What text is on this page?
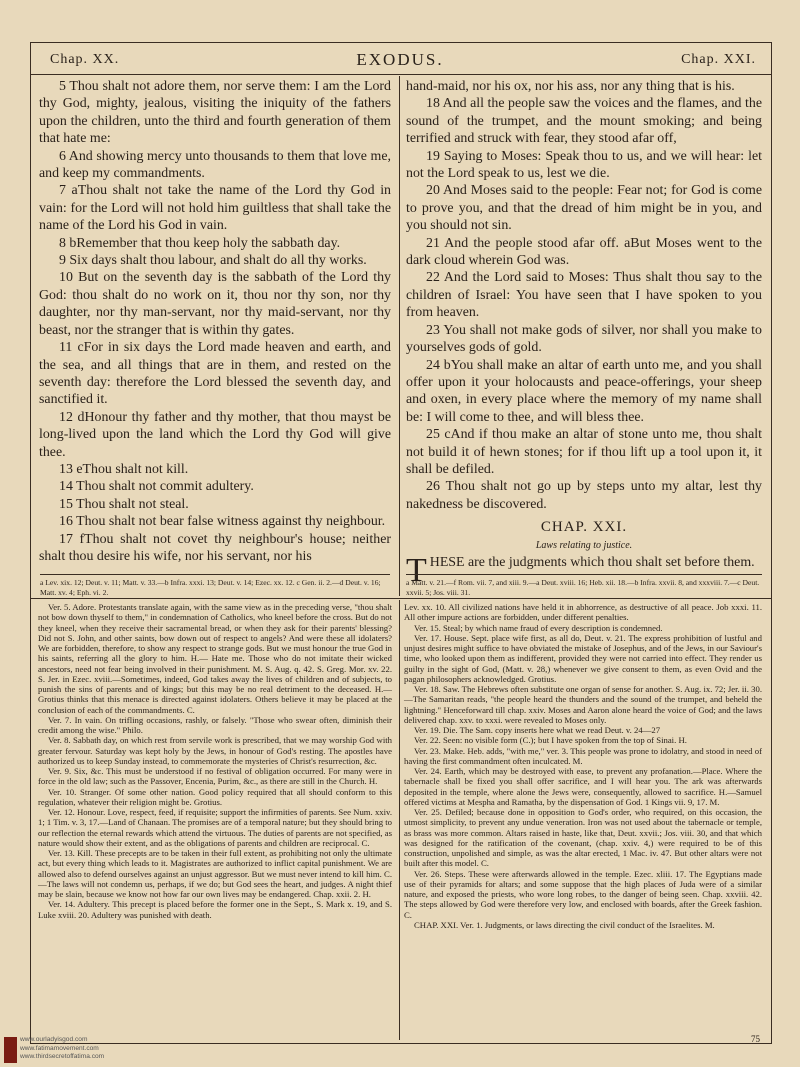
Chap. XX.	EXODUS.	Chap. XXI.

5 Thou shalt not adore them, nor serve them: I am the Lord thy God, mighty, jealous, visiting the iniquity of the fathers upon the children, unto the third and fourth generation of them that hate me:

6 And showing mercy unto thousands to them that love me, and keep my commandments.

7 aThou shalt not take the name of the Lord thy God in vain: for the Lord will not hold him guiltless that shall take the name of the Lord his God in vain.

8 bRemember that thou keep holy the sabbath day.

9 Six days shalt thou labour, and shalt do all thy works.

10 But on the seventh day is the sabbath of the Lord thy God: thou shalt do no work on it, thou nor thy son, nor thy daughter, nor thy man-servant, nor thy maid-servant, nor thy beast, nor the stranger that is within thy gates.

11 cFor in six days the Lord made heaven and earth, and the sea, and all things that are in them, and rested on the seventh day: therefore the Lord blessed the seventh day, and sanctified it.

12 dHonour thy father and thy mother, that thou mayst be long-lived upon the land which the Lord thy God will give thee.

13 eThou shalt not kill.

14 Thou shalt not commit adultery.

15 Thou shalt not steal.

16 Thou shalt not bear false witness against thy neighbour.

17 fThou shalt not covet thy neighbour's house; neither shalt thou desire his wife, nor his servant, nor his

hand-maid, nor his ox, nor his ass, nor any thing that is his.

18 And all the people saw the voices and the flames, and the sound of the trumpet, and the mount smoking; and being terrified and struck with fear, they stood afar off,

19 Saying to Moses: Speak thou to us, and we will hear: let not the Lord speak to us, lest we die.

20 And Moses said to the people: Fear not; for God is come to prove you, and that the dread of him might be in you, and you should not sin.

21 And the people stood afar off. aBut Moses went to the dark cloud wherein God was.

22 And the Lord said to Moses: Thus shalt thou say to the children of Israel: You have seen that I have spoken to you from heaven.

23 You shall not make gods of silver, nor shall you make to yourselves gods of gold.

24 bYou shall make an altar of earth unto me, and you shall offer upon it your holocausts and peace-offerings, your sheep and oxen, in every place where the memory of my name shall be: I will come to thee, and will bless thee.

25 cAnd if thou make an altar of stone unto me, thou shalt not build it of hewn stones; for if thou lift up a tool upon it, it shall be defiled.

26 Thou shalt not go up by steps unto my altar, lest thy nakedness be discovered.

CHAP. XXI.
Laws relating to justice.

THESE are the judgments which thou shalt set before them.

a Lev. xix. 12; Deut. v. 11; Matt. v. 33.—b Infra. xxxi. 13; Deut. v. 14; Ezec. xx. 12. c Gen. ii. 2.—d Deut. v. 16; Matt. xv. 4; Eph. vi. 2.
a Matt. v. 21.—f Rom. vii. 7, and xiii. 9.—a Deut. xviii. 16; Heb. xii. 18.—b Infra. xxvii. 8, and xxxviii. 7.—c Deut. xxvii. 5; Jos. viii. 31.

Ver. 5. Adore. Protestants translate again, with the same view as in the preceding verse, "thou shalt not bow down thyself to them," in condemnation of Catholics, who kneel before the cross. But do not they kneel, when they receive their sacramental bread, or when they ask for their parents' blessing? Did not S. John, and other saints, bow down out of respect to angels? And were these all idolaters? We are forbidden, therefore, to show any respect to strange gods. But we must honour the true God in his saints, referring all the glory to him. H.— Hate me. Those who do not imitate their wicked ancestors, need not fear being involved in their punishment. M. S. Aug. q. 42. S. Greg. Mor. xv. 22. S. Jer. in Ezec. xviii.—Sometimes, indeed, God takes away the lives of children and of subjects, to punish the sins of parents and of kings; but this may be no real detriment to the deceased. H.—Grotius thinks that this menace is directed against idolaters. Others believe it may be placed at the conclusion of each of the commandments. C.

Ver. 7. In vain. On trifling occasions, rashly, or falsely. "Those who swear often, diminish their credit among the wise." Philo.

Ver. 8. Sabbath day, on which rest from servile work is prescribed, that we may worship God with greater fervour. Saturday was kept holy by the Jews, in honour of God's resting. The apostles have authorized us to keep Sunday instead, to commemorate the mysteries of Christ's resurrection, &c.

Ver. 9. Six, &c. This must be understood if no festival of obligation occurred. For many were in force in the old law; such as the Passover, Encenia, Purim, &c., as there are still in the Church. H.

Ver. 10. Stranger. Of some other nation. Good policy required that all should conform to this regulation, whatever their religion might be. Grotius.

Ver. 12. Honour. Love, respect, feed, if requisite; support the infirmities of parents. See Num. xxiv. 1; 1 Tim. v. 3, 17.—Land of Chanaan. The promises are of a temporal nature; but they should bring to our reflection the eternal rewards which attend the virtuous. The duties of parents are not specified, as nature would show their extent, and as the obligations of parents and children are reciprocal. C.

Ver. 13. Kill. These precepts are to be taken in their full extent, as prohibiting not only the ultimate act, but every thing which leads to it. Magistrates are authorized to inflict capital punishment. We are allowed also to defend ourselves against an unjust aggressor. But we must never intend to kill him. C.—The laws will not condemn us, perhaps, if we do; but God sees the heart, and judges. A night thief may be slain, because we know not how far our own lives may be endangered. Chap. xxii. 2. H.

Ver. 14. Adultery. This precept is placed before the former one in the Sept., S. Mark x. 19, and S. Luke xviii. 20. Adultery was punished with death.

Lev. xx. 10. All civilized nations have held it in abhorrence, as destructive of all peace. Job xxxi. 11. All other impure actions are forbidden, under different penalties.

Ver. 15. Steal; by which name fraud of every description is condemned.

Ver. 17. House. Sept. place wife first, as all do, Deut. v. 21. The express prohibition of lustful and unjust desires might suffice to have obviated the mistake of Josephus, and of the Jews, in our Saviour's time, who looked upon them as indifferent, provided they were not carried into effect. They render us guilty in the sight of God, (Matt. v. 28,) whenever we give consent to them, as even Ovid and the pagan philosophers acknowledged. Grotius.

Ver. 18. Saw. The Hebrews often substitute one organ of sense for another. S. Aug. ix. 72; Jer. ii. 30.—The Samaritan reads, "the people heard the thunders and the sound of the trumpet, and beheld the lightning." Henceforward till chap. xxiv. Moses and Aaron alone heard the voice of God; and the laws delivered chap. xxv. to xxxi. were revealed to Moses only.

Ver. 19. Die. The Sam. copy inserts here what we read Deut. v. 24—27

Ver. 22. Seen: no visible form (C.); but I have spoken from the top of Sinai. H.

Ver. 23. Make. Heb. adds, "with me," ver. 3. This people was prone to idolatry, and stood in need of having the first commandment often inculcated. M.

Ver. 24. Earth, which may be destroyed with ease, to prevent any profanation.—Place. Where the tabernacle shall be fixed you shall offer sacrifice, and I will hear you. The ark was afterwards deposited in the temple, where alone the Jews were, consequently, allowed to sacrifice. H.—Samuel offered victims at Mespha and Ramatha, by the dispensation of God. 1 Kings vii. 9, 17. M.

Ver. 25. Defiled; because done in opposition to God's order, who required, on this occasion, the utmost simplicity, to prevent any undue veneration. Iron was not used about the tabernacle or temple, as brass was more common. Altars raised in haste, like that, Deut. xxvii.; Jos. viii. 30, and that which was designed for the ratification of the covenant, (chap. xxiv. 4,) were required to be of this construction, unpolished and simple, as was the altar erected, 1 Mac. iv. 47. But other altars were not built after this model. C.

Ver. 26. Steps. These were afterwards allowed in the temple. Ezec. xliii. 17. The Egyptians made use of their pyramids for altars; and some suppose that the high places of Juda were of a similar nature, and exposed the priests, who wore long robes, to the danger of being seen. Chap. xxviii. 42. The steps allowed by God were therefore very low, and enclosed with boards, after the Greek fashion. C.

CHAP. XXI. Ver. 1. Judgments, or laws directing the civil conduct of the Israelites. M.

75
www.ourladyisgod.com
www.fatimamovement.com
www.thirdsecretoffatima.com
